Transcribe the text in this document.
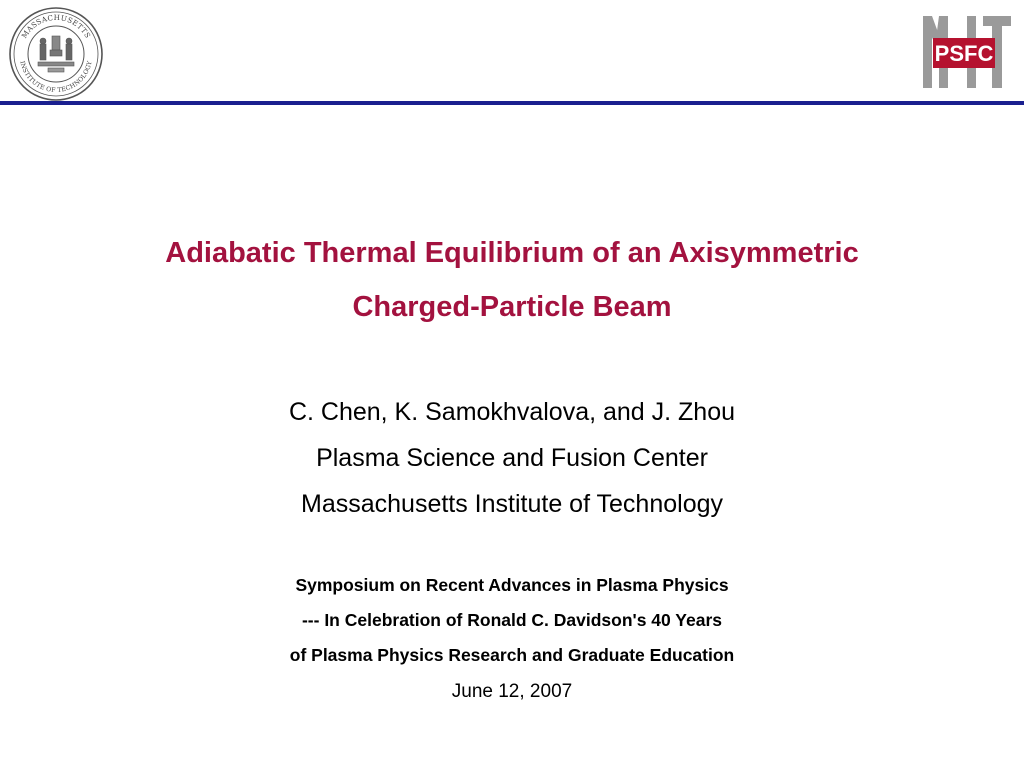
MASSACHUSETTS
INSTITUTE OF TECHNOLOGY	PSFC
Adiabatic Thermal Equilibrium of an Axisymmetric
Charged-Particle Beam
C. Chen, K. Samokhvalova, and J. Zhou
Plasma Science and Fusion Center
Massachusetts Institute of Technology
Symposium on Recent Advances in Plasma Physics
--- In Celebration of Ronald C. Davidson's 40 Years
of Plasma Physics Research and Graduate Education
June 12, 2007
